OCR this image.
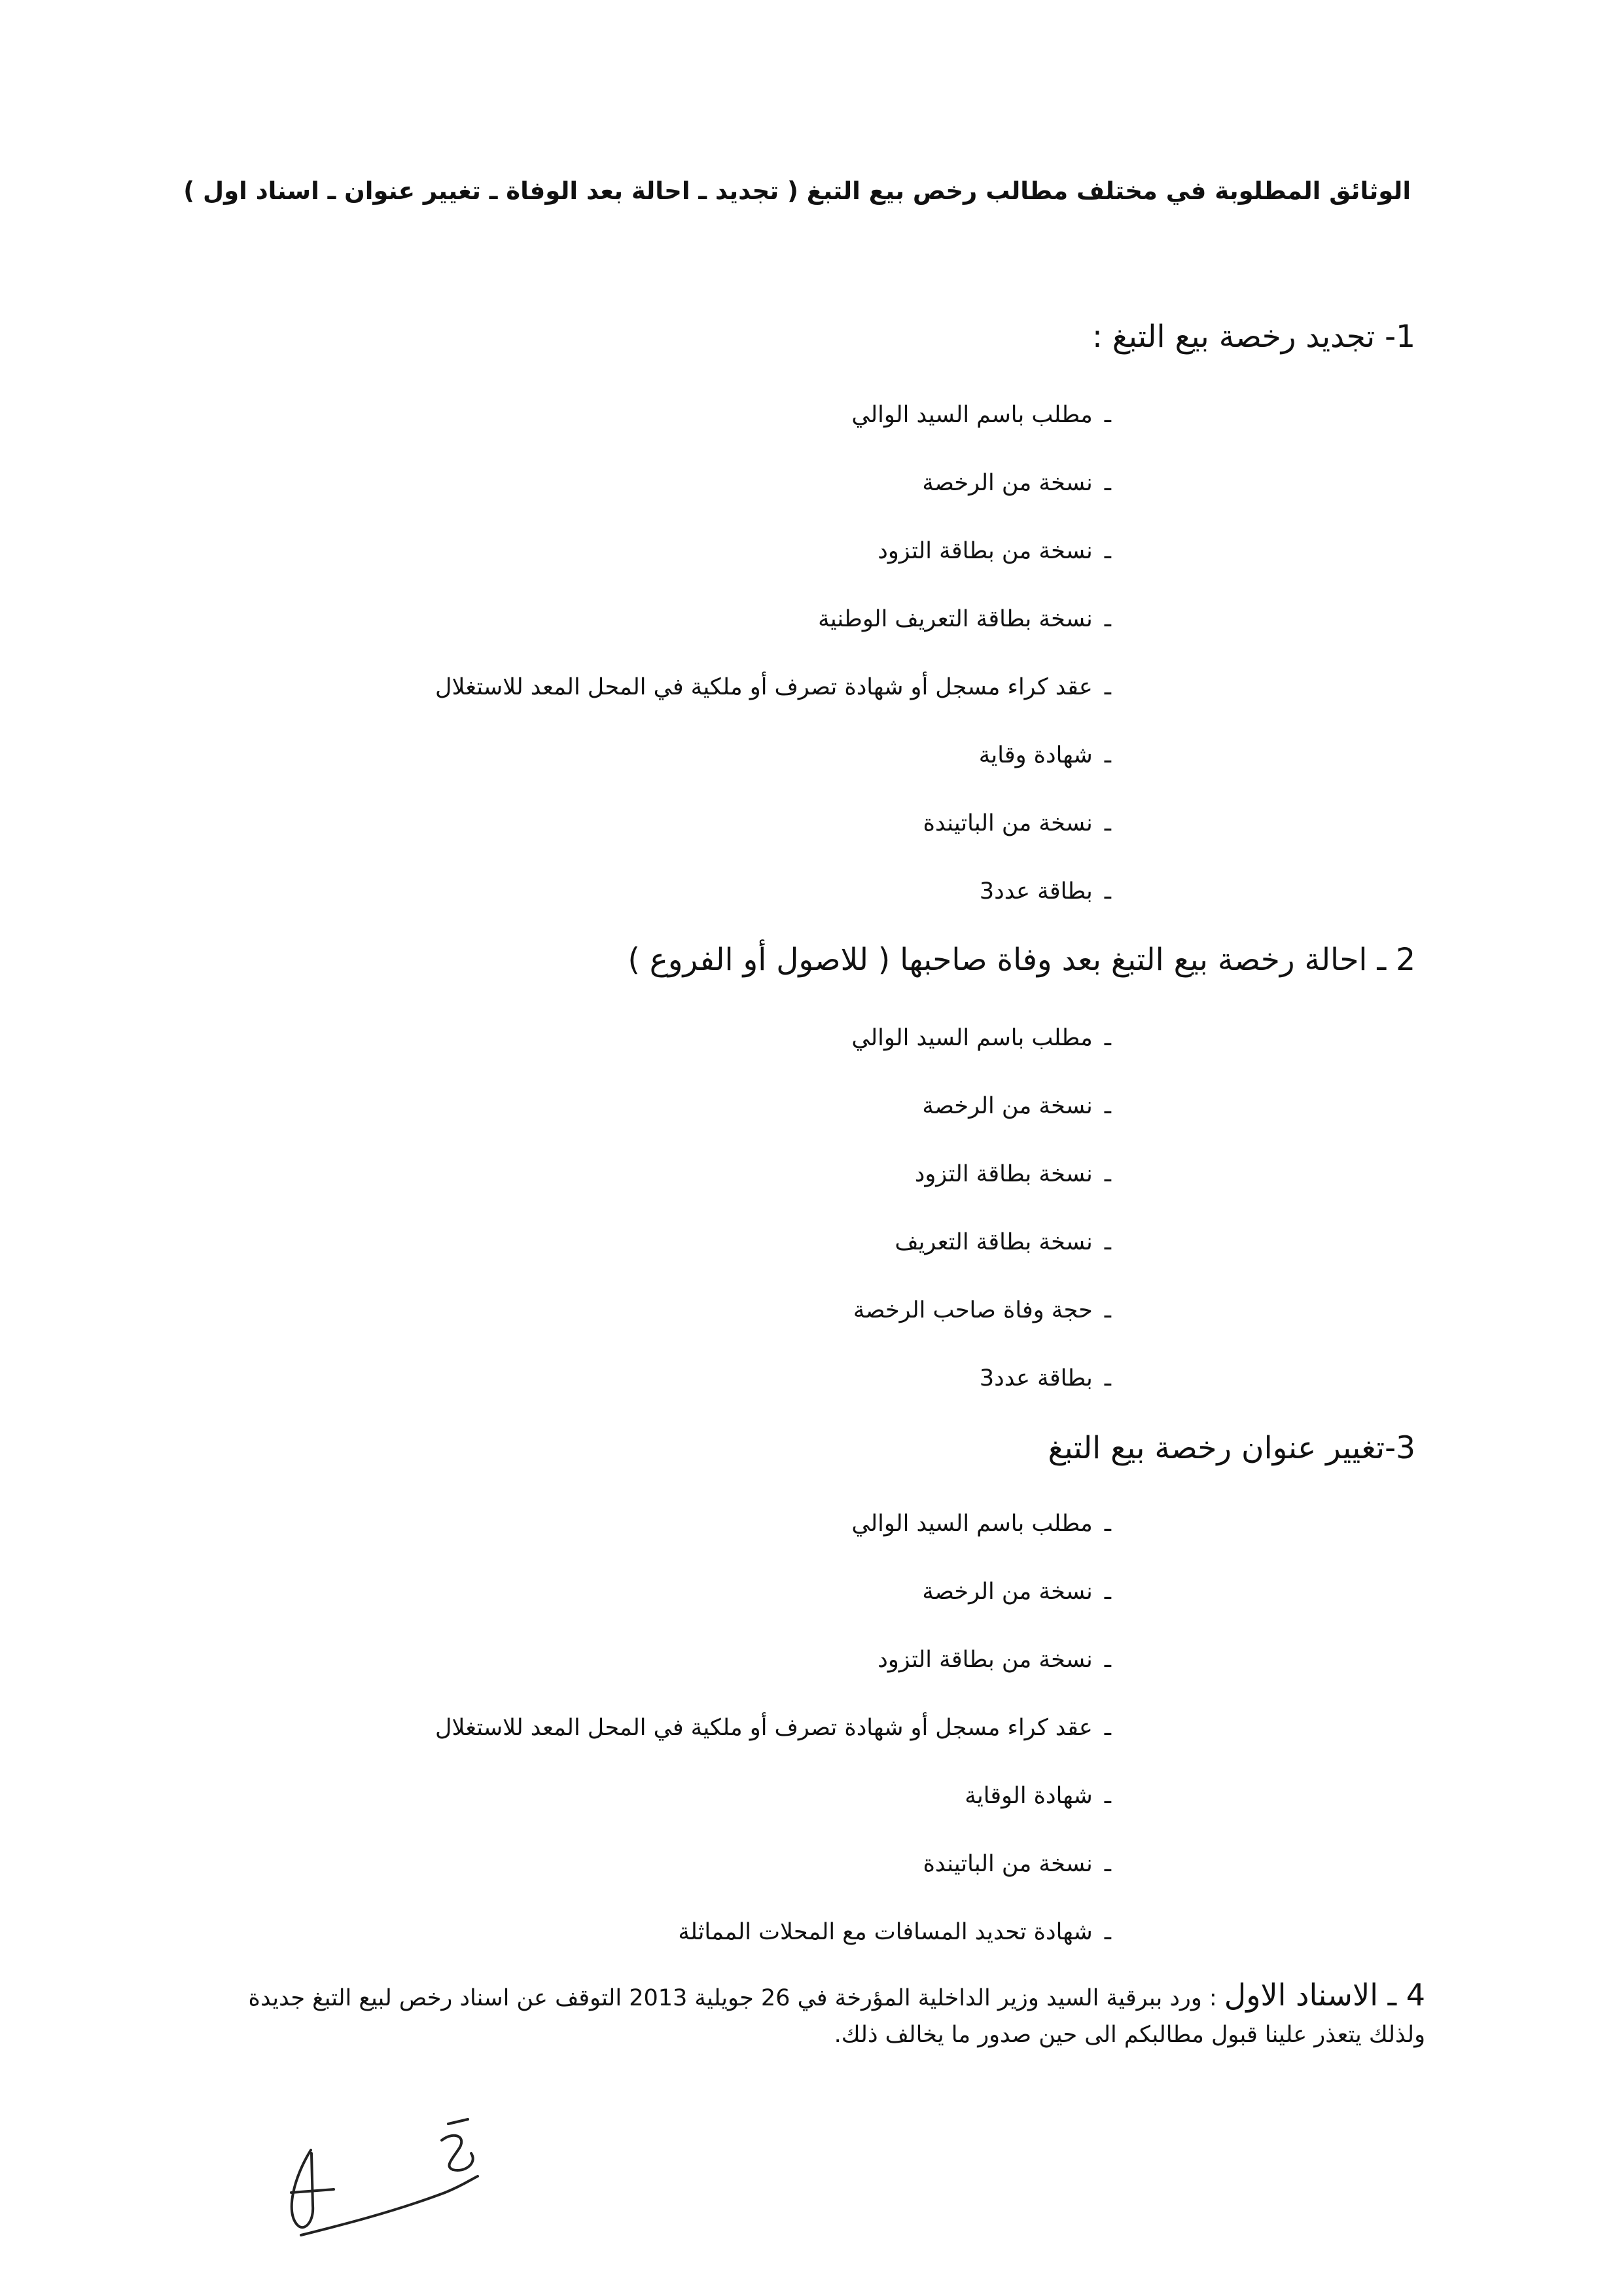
الوثائق المطلوبة في مختلف مطالب رخص بيع التبغ ( تجديد ـ احالة بعد الوفاة ـ تغيير عنوان ـ اسناد اول )
1- تجديد رخصة بيع التبغ :
ـمطلب باسم السيد الوالي
ـنسخة من الرخصة
ـنسخة من بطاقة التزود
ـنسخة بطاقة التعريف الوطنية
ـعقد كراء مسجل أو شهادة تصرف أو ملكية في المحل المعد للاستغلال
ـشهادة وقاية
ـنسخة من الباتيندة
ـبطاقة عدد3
2 ـ احالة رخصة بيع التبغ بعد وفاة صاحبها ( للاصول أو الفروع )
ـمطلب باسم السيد الوالي
ـنسخة من الرخصة
ـنسخة بطاقة التزود
ـنسخة بطاقة التعريف
ـحجة وفاة صاحب الرخصة
ـبطاقة عدد3
3-تغيير عنوان رخصة بيع التبغ
ـمطلب باسم السيد الوالي
ـنسخة من الرخصة
ـنسخة من بطاقة التزود
ـعقد كراء مسجل أو شهادة تصرف أو ملكية في المحل المعد للاستغلال
ـشهادة الوقاية
ـنسخة من الباتيندة
ـشهادة تحديد المسافات مع المحلات المماثلة
4 ـ الاسناد الاول : ورد ببرقية السيد وزير الداخلية المؤرخة في 26 جويلية 2013 التوقف عن اسناد رخص لبيع التبغ جديدة ولذلك يتعذر علينا قبول مطالبكم الى حين صدور ما يخالف ذلك.
